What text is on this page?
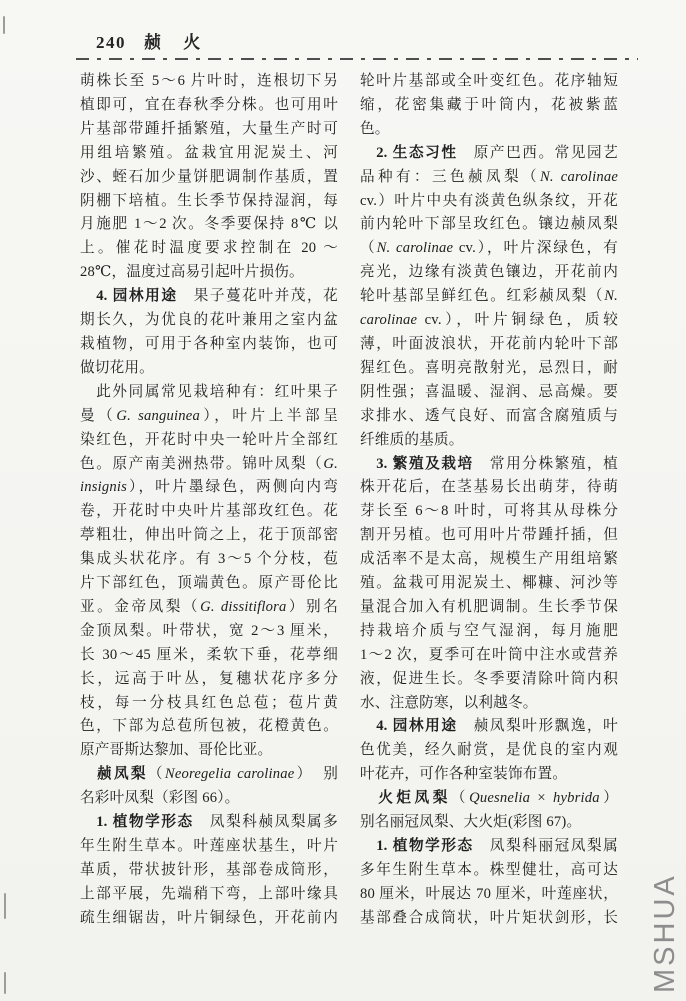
240 赪 火
萌株长至 5～6 片叶时，连根切下另
植即可，宜在春秋季分株。也可用叶
片基部带踵扦插繁殖，大量生产时可
用组培繁殖。盆栽宜用泥炭土、河
沙、蛭石加少量饼肥调制作基质，置
阴棚下培植。生长季节保持湿润，每
月施肥 1～2 次。冬季要保持 8℃ 以
上。催花时温度要求控制在 20 ～
28℃，温度过高易引起叶片损伤。
　4. 园林用途　果子蔓花叶并茂，花
期长久，为优良的花叶兼用之室内盆
栽植物，可用于各种室内装饰，也可
做切花用。
　此外同属常见栽培种有：红叶果子
曼（G. sanguinea），叶片上半部呈
染红色，开花时中央一轮叶片全部红
色。原产南美洲热带。锦叶凤梨（G.
insignis），叶片墨绿色，两侧向内弯
卷，开花时中央叶片基部玫红色。花
葶粗壮，伸出叶筒之上，花于顶部密
集成头状花序。有 3～5 个分枝，苞
片下部红色，顶端黄色。原产哥伦比
亚。金帝凤梨（G. dissitiflora）别名
金顶凤梨。叶带状，宽 2～3 厘米，
长 30～45 厘米，柔软下垂，花葶细
长，远高于叶丛，复穗状花序多分
枝，每一分枝具红色总苞；苞片黄
色，下部为总苞所包被，花橙黄色。
原产哥斯达黎加、哥伦比亚。
　赪凤梨（Neoregelia carolinae）　别
名彩叶凤梨（彩图 66）。
　1. 植物学形态　凤梨科赪凤梨属多
年生附生草本。叶莲座状基生，叶片
革质，带状披针形，基部卷成筒形，
上部平展，先端稍下弯，上部叶缘具
疏生细锯齿，叶片铜绿色，开花前内
轮叶片基部或全叶变红色。花序轴短
缩，花密集藏于叶筒内，花被紫蓝
色。
　2. 生态习性　原产巴西。常见园艺
品种有：三色赪凤梨（N. carolinae
cv.）叶片中央有淡黄色纵条纹，开花
前内轮叶下部呈玫红色。镶边赪凤梨
（N. carolinae cv.），叶片深绿色，有
亮光，边缘有淡黄色镶边，开花前内
轮叶基部呈鲜红色。红彩赪凤梨（N.
carolinae cv.），叶片铜绿色，质较
薄，叶面波浪状，开花前内轮叶下部
猩红色。喜明亮散射光，忌烈日，耐
阴性强；喜温暖、湿润、忌高燥。要
求排水、透气良好、而富含腐殖质与
纤维质的基质。
　3. 繁殖及栽培　常用分株繁殖，植
株开花后，在茎基易长出萌芽，待萌
芽长至 6～8 叶时，可将其从母株分
割开另植。也可用叶片带踵扦插，但
成活率不是太高，规模生产用组培繁
殖。盆栽可用泥炭土、椰糠、河沙等
量混合加入有机肥调制。生长季节保
持栽培介质与空气湿润，每月施肥
1～2 次，夏季可在叶筒中注水或营养
液，促进生长。冬季要清除叶筒内积
水、注意防寒，以利越冬。
　4. 园林用途　赪凤梨叶形飘逸，叶
色优美，经久耐赏，是优良的室内观
叶花卉，可作各种室装饰布置。
　火炬凤梨（Quesnelia × hybrida）
别名丽冠凤梨、大火炬(彩图 67)。
　1. 植物学形态　凤梨科丽冠凤梨属
多年生附生草本。株型健壮，高可达
80 厘米，叶展达 70 厘米，叶莲座状，
基部叠合成筒状，叶片矩状剑形，长 MSHUA
